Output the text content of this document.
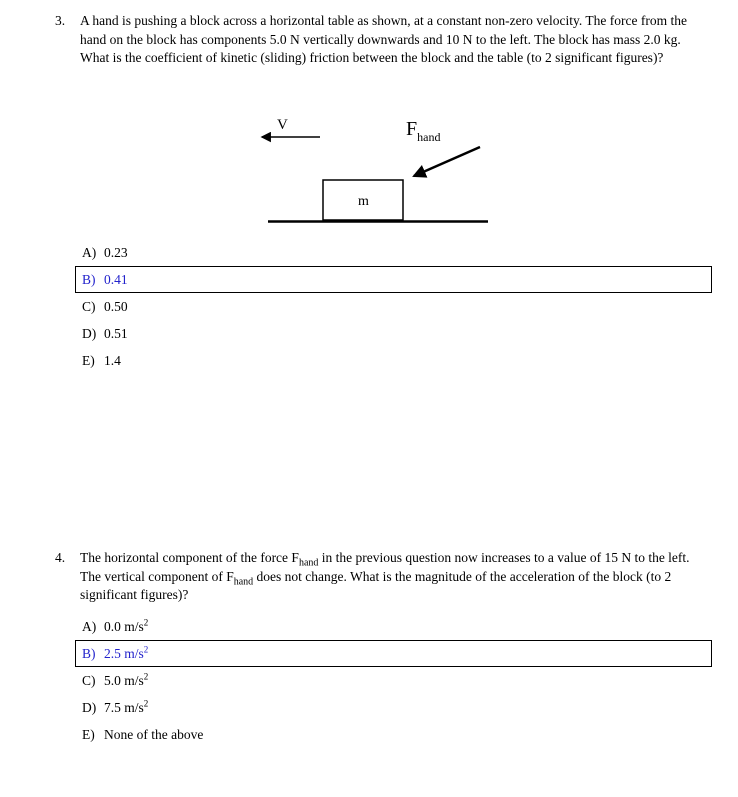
3.	A hand is pushing a block across a horizontal table as shown, at a constant non-zero velocity. The force from the hand on the block has components 5.0 N vertically downwards and 10 N to the left. The block has mass 2.0 kg. What is the coefficient of kinetic (sliding) friction between the block and the table (to 2 significant figures)?

V	$F_{hand}$
m
A) 0.23
B) 0.41
C) 0.50
D) 0.51
E) 1.4
4.	The horizontal component of the force $F_{hand}$ in the previous question now increases to a value of 15 N to the left. The vertical component of $F_{hand}$ does not change. What is the magnitude of the acceleration of the block (to 2 significant figures)?

A) 0.0 $m/s^2$
B) 2.5 $m/s^2$
C) 5.0 $m/s^2$
D) 7.5 $m/s^2$
E) None of the above
